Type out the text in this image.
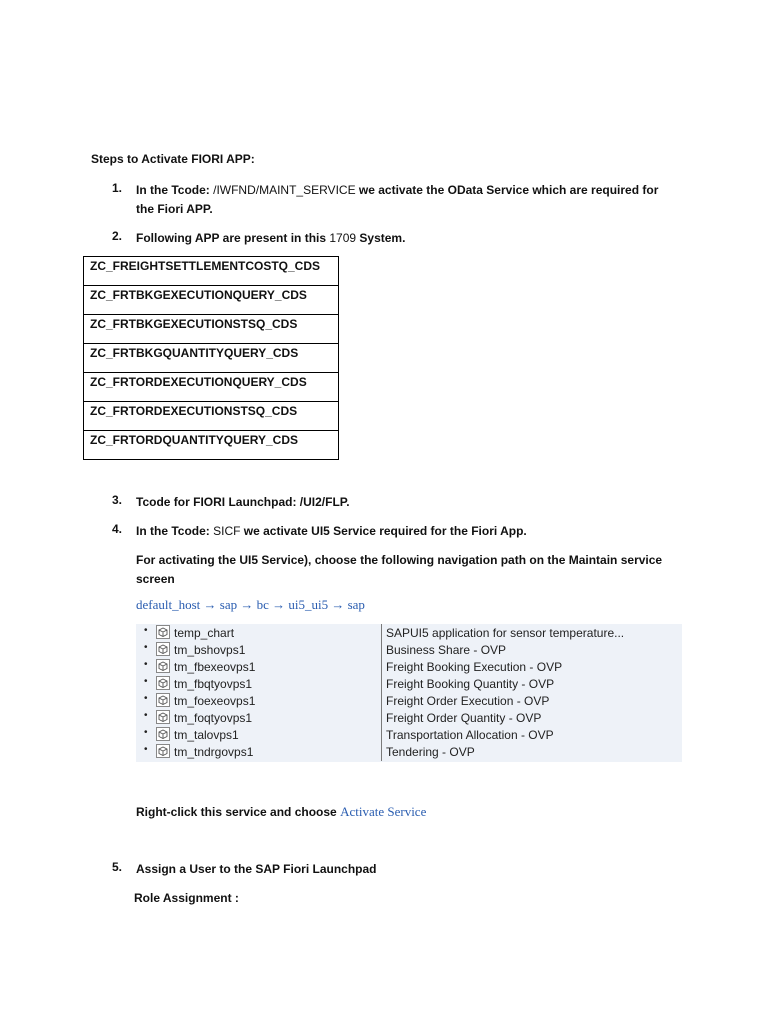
Steps to Activate FIORI APP:
1. In the Tcode: /IWFND/MAINT_SERVICE we activate the OData Service which are required for
the Fiori APP.
2. Following APP are present in this 1709 System.
ZC_FREIGHTSETTLEMENTCOSTQ_CDS
ZC_FRTBKGEXECUTIONQUERY_CDS
ZC_FRTBKGEXECUTIONSTSQ_CDS
ZC_FRTBKGQUANTITYQUERY_CDS
ZC_FRTORDEXECUTIONQUERY_CDS
ZC_FRTORDEXECUTIONSTSQ_CDS
ZC_FRTORDQUANTITYQUERY_CDS
3. Tcode for FIORI Launchpad: /UI2/FLP.
4. In the Tcode: SICF we activate UI5 Service required for the Fiori App.
For activating the UI5 Service), choose the following navigation path on the Maintain service
screen
default_host → sap → bc → ui5_ui5 → sap
• temp_chart	SAPUI5 application for sensor temperature...
• tm_bshovps1	Business Share - OVP
• tm_fbexeovps1	Freight Booking Execution - OVP
• tm_fbqtyovps1	Freight Booking Quantity - OVP
• tm_foexeovps1	Freight Order Execution - OVP
• tm_foqtyovps1	Freight Order Quantity - OVP
• tm_talovps1	Transportation Allocation - OVP
• tm_tndrgovps1	Tendering - OVP
Right-click this service and choose Activate Service
5. Assign a User to the SAP Fiori Launchpad
Role Assignment :
